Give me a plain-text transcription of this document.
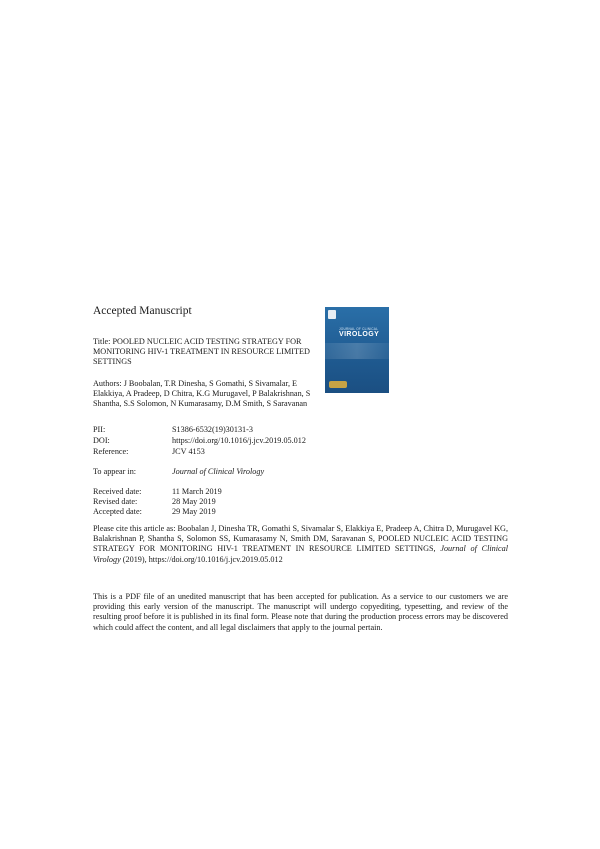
Accepted Manuscript
JOURNAL OF CLINICAL
VIROLOGY
Title: POOLED NUCLEIC ACID TESTING STRATEGY FOR MONITORING HIV-1 TREATMENT IN RESOURCE LIMITED SETTINGS
Authors: J Boobalan, T.R Dinesha, S Gomathi, S Sivamalar, E Elakkiya, A Pradeep, D Chitra, K.G Murugavel, P Balakrishnan, S Shantha, S.S Solomon, N Kumarasamy, D.M Smith, S Saravanan
PII:	S1386-6532(19)30131-3
DOI:	https://doi.org/10.1016/j.jcv.2019.05.012
Reference:	JCV 4153
To appear in:	Journal of Clinical Virology
Received date:	11 March 2019
Revised date:	28 May 2019
Accepted date:	29 May 2019
Please cite this article as: Boobalan J, Dinesha TR, Gomathi S, Sivamalar S, Elakkiya E, Pradeep A, Chitra D, Murugavel KG, Balakrishnan P, Shantha S, Solomon SS, Kumarasamy N, Smith DM, Saravanan S, POOLED NUCLEIC ACID TESTING STRATEGY FOR MONITORING HIV-1 TREATMENT IN RESOURCE LIMITED SETTINGS, Journal of Clinical Virology (2019), https://doi.org/10.1016/j.jcv.2019.05.012
This is a PDF file of an unedited manuscript that has been accepted for publication. As a service to our customers we are providing this early version of the manuscript. The manuscript will undergo copyediting, typesetting, and review of the resulting proof before it is published in its final form. Please note that during the production process errors may be discovered which could affect the content, and all legal disclaimers that apply to the journal pertain.
